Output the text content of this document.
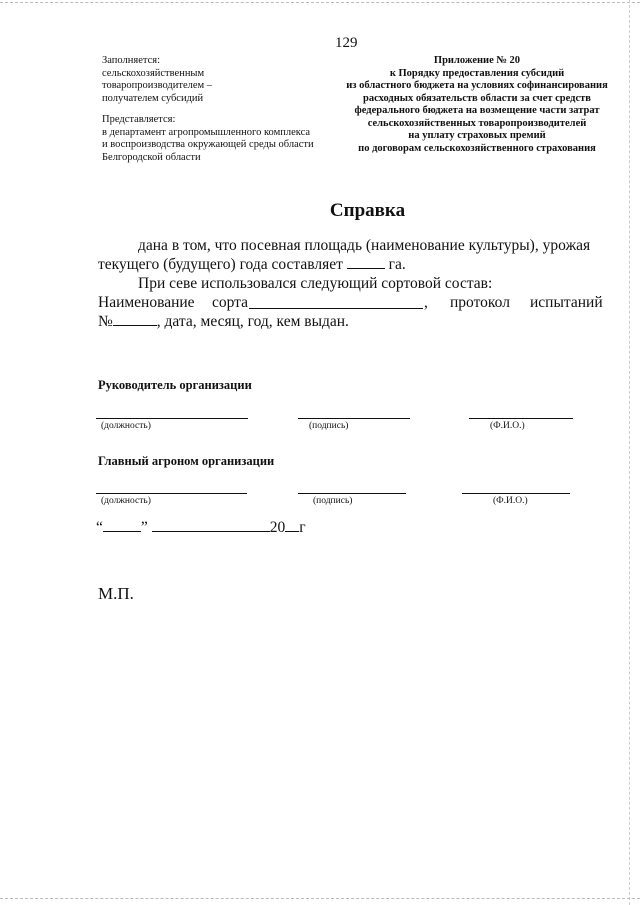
129
Заполняется:
сельскохозяйственным
товаропроизводителем –
получателем субсидий
Представляется:
в департамент агропромышленного комплекса
и воспроизводства окружающей среды области
Белгородской области
Приложение № 20
к Порядку предоставления субсидий
из областного бюджета на условиях софинансирования
расходных обязательств области за счет средств
федерального бюджета на возмещение части затрат
сельскохозяйственных товаропроизводителей
на уплату страховых премий
по договорам сельскохозяйственного страхования
Справка
дана в том, что посевная площадь (наименование культуры), урожая
текущего (будущего) года составляет	га.
При севе использовался следующий сортовой состав:
Наименование сорта	, протокол испытаний
№	, дата, месяц, год, кем выдан.
Руководитель организации
(должность)	(подпись)	(Ф.И.О.)
Главный агроном организации
(должность)	(подпись)	(Ф.И.О.)
“ ”	20 г
М.П.
